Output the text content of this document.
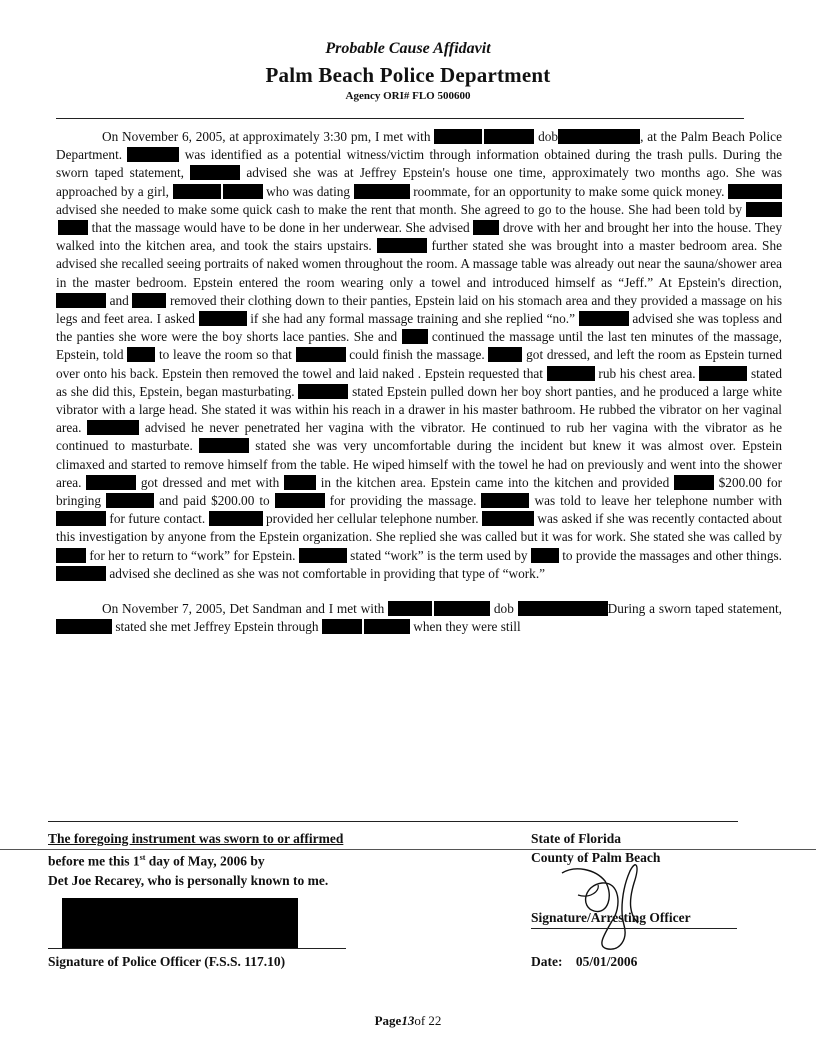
Probable Cause Affidavit
Palm Beach Police Department
Agency ORI# FLO 500600

On November 6, 2005, at approximately 3:30 pm, I met with	dob	, at the Palm Beach Police Department.	was identified as a potential witness/victim through information obtained during the trash pulls. During the sworn taped statement,	advised she was at Jeffrey Epstein's house one time, approximately two months ago. She was approached by a girl,	who was dating	roommate, for an opportunity to make some quick money.  advised she needed to make some quick cash to make the rent that month. She agreed to go to the house. She had been told by  that the massage would have to be done in her underwear. She advised drove with her and brought her into the house. They walked into the kitchen area, and took the stairs upstairs.	further stated she was brought into a master bedroom area. She advised she recalled seeing portraits of naked women throughout the room. A massage table was already out near the sauna/shower area in the master bedroom. Epstein entered the room wearing only a towel and introduced himself as “Jeff.” At Epstein's direction,  and	removed their clothing down to their panties, Epstein laid on his stomach area and they provided a massage on his legs and feet area. I asked	if she had any formal massage training and she replied “no.”	advised she was topless and the panties she wore were the boy shorts lace panties. She and	continued the massage until the last ten minutes of the massage, Epstein, told	to leave the room so that	could finish the massage.	got dressed, and left the room as Epstein turned over onto his back. Epstein then removed the towel and laid naked . Epstein requested that	rub his chest area.	stated as she did this, Epstein, began masturbating.	stated Epstein pulled down her boy short panties, and he produced a large white vibrator with a large head. She stated it was within his reach in a drawer in his master bathroom. He rubbed the vibrator on her vaginal area.	advised he never penetrated her vagina with the vibrator. He continued to rub her vagina with the vibrator as he continued to masturbate.	stated she was very uncomfortable during the incident but knew it was almost over. Epstein climaxed and started to remove himself from the table. He wiped himself with the towel he had on previously and went into the shower area.	got dressed and met with	in the kitchen area. Epstein came into the kitchen and provided	$200.00 for bringing	and paid $200.00 to	for providing the massage.	was told to leave her telephone number with  for future contact.	provided her cellular telephone number.	was asked if she was recently contacted about this investigation by anyone from the Epstein organization. She replied she was called but it was for work. She stated she was called by  for her to return to “work” for Epstein.	stated “work” is the term used by	to provide the massages and other things.  advised she declined as she was not comfortable in providing that type of “work.”

On November 7, 2005, Det Sandman and I met with	dob	During a sworn taped statement,  stated she met Jeffrey Epstein through	when they were still

The foregoing instrument was sworn to or affirmed
before me this 1st day of May, 2006 by
Det Joe Recarey, who is personally known to me.
State of Florida
County of Palm Beach
Signature of Police Officer (F.S.S. 117.10)
Signature/Arresting Officer
Date: 05/01/2006
Page13of 22
